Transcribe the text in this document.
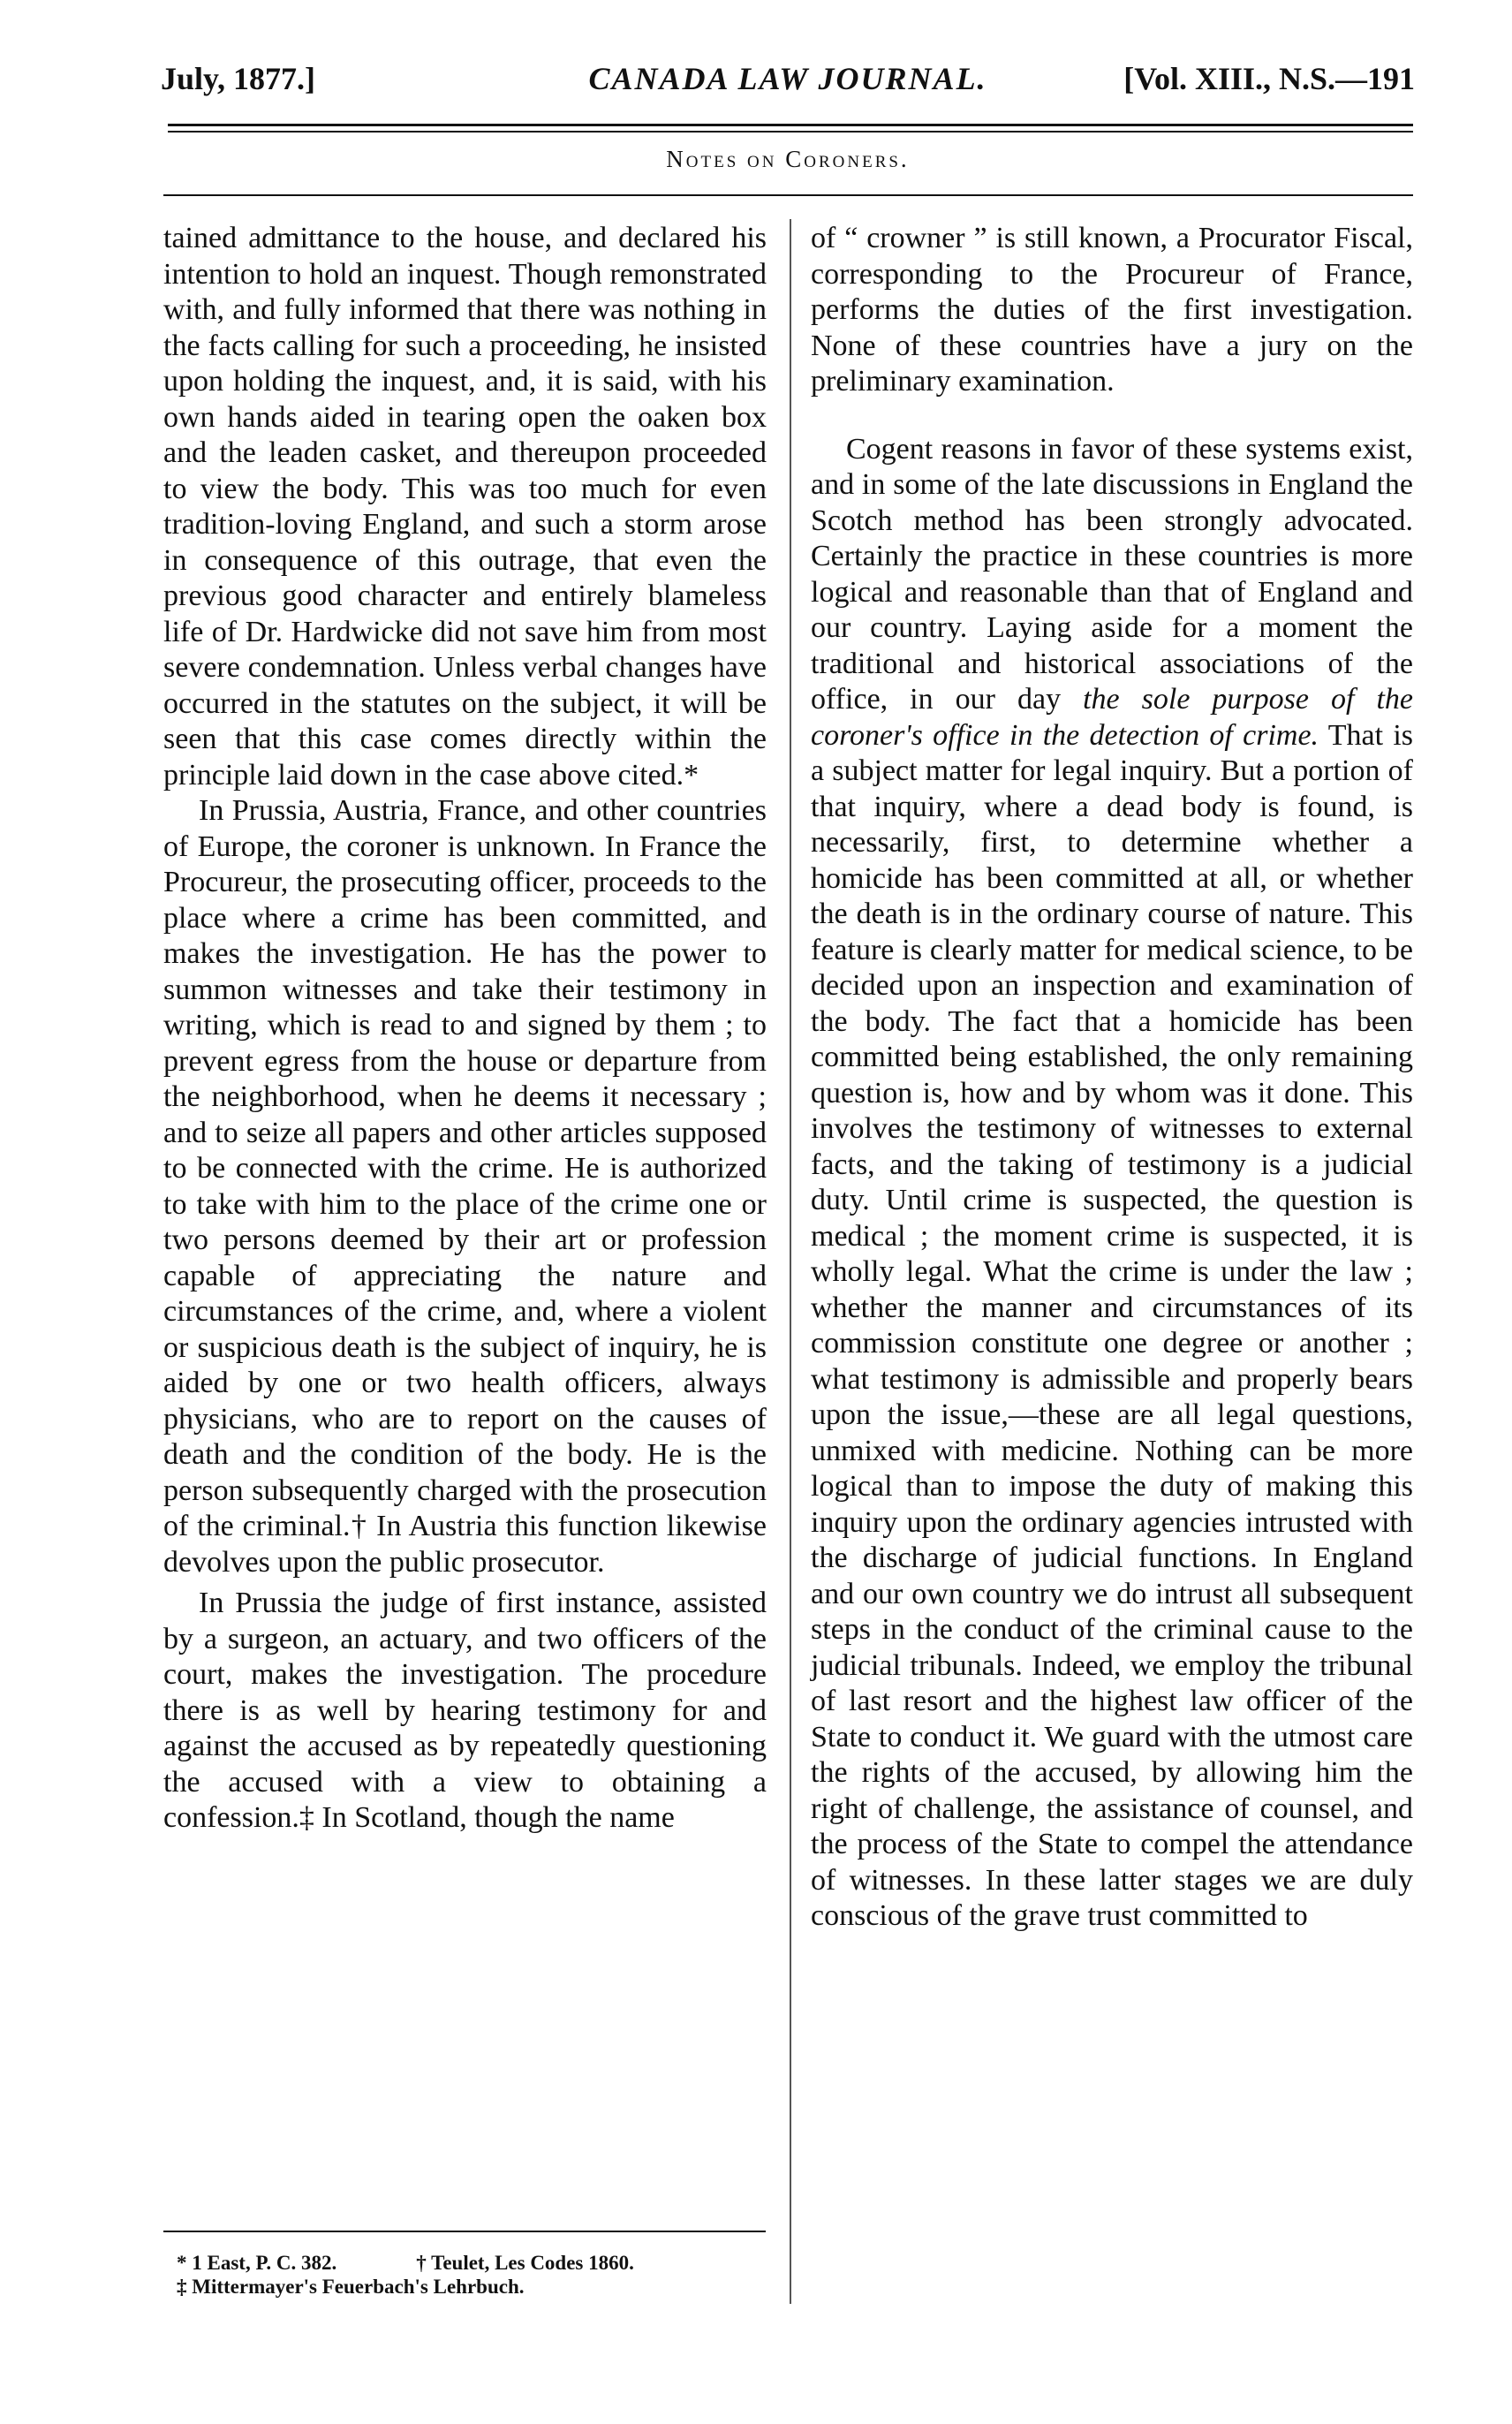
July, 1877.]	CANADA LAW JOURNAL.	[Vol. XIII., N.S.—191
Notes on Coroners.

tained admittance to the house, and declared his intention to hold an inquest. Though remonstrated with, and fully informed that there was nothing in the facts calling for such a proceeding, he insisted upon holding the inquest, and, it is said, with his own hands aided in tearing open the oaken box and the leaden casket, and thereupon proceeded to view the body. This was too much for even tradition-loving England, and such a storm arose in consequence of this outrage, that even the previous good character and entirely blameless life of Dr. Hardwicke did not save him from most severe condemnation. Unless verbal changes have occurred in the statutes on the subject, it will be seen that this case comes directly within the principle laid down in the case above cited.*

In Prussia, Austria, France, and other countries of Europe, the coroner is unknown. In France the Procureur, the prosecuting officer, proceeds to the place where a crime has been committed, and makes the investigation. He has the power to summon witnesses and take their testimony in writing, which is read to and signed by them ; to prevent egress from the house or departure from the neighborhood, when he deems it necessary ; and to seize all papers and other articles supposed to be connected with the crime. He is authorized to take with him to the place of the crime one or two persons deemed by their art or profession capable of appreciating the nature and circumstances of the crime, and, where a violent or suspicious death is the subject of inquiry, he is aided by one or two health officers, always physicians, who are to report on the causes of death and the condition of the body. He is the person subsequently charged with the prosecution of the criminal.† In Austria this function likewise devolves upon the public prosecutor.

In Prussia the judge of first instance, assisted by a surgeon, an actuary, and two officers of the court, makes the investigation. The procedure there is as well by hearing testimony for and against the accused as by repeatedly questioning the accused with a view to obtaining a confession.‡ In Scotland, though the name

of “ crowner ” is still known, a Procurator Fiscal, corresponding to the Procureur of France, performs the duties of the first investigation. None of these countries have a jury on the preliminary examination.

Cogent reasons in favor of these systems exist, and in some of the late discussions in England the Scotch method has been strongly advocated. Certainly the practice in these countries is more logical and reasonable than that of England and our country. Laying aside for a moment the traditional and historical associations of the office, in our day the sole purpose of the coroner's office in the detection of crime. That is a subject matter for legal inquiry. But a portion of that inquiry, where a dead body is found, is necessarily, first, to determine whether a homicide has been committed at all, or whether the death is in the ordinary course of nature. This feature is clearly matter for medical science, to be decided upon an inspection and examination of the body. The fact that a homicide has been committed being established, the only remaining question is, how and by whom was it done. This involves the testimony of witnesses to external facts, and the taking of testimony is a judicial duty. Until crime is suspected, the question is medical ; the moment crime is suspected, it is wholly legal. What the crime is under the law ; whether the manner and circumstances of its commission constitute one degree or another ; what testimony is admissible and properly bears upon the issue,—these are all legal questions, unmixed with medicine. Nothing can be more logical than to impose the duty of making this inquiry upon the ordinary agencies intrusted with the discharge of judicial functions. In England and our own country we do intrust all subsequent steps in the conduct of the criminal cause to the judicial tribunals. Indeed, we employ the tribunal of last resort and the highest law officer of the State to conduct it. We guard with the utmost care the rights of the accused, by allowing him the right of challenge, the assistance of counsel, and the process of the State to compel the attendance of witnesses. In these latter stages we are duly conscious of the grave trust committed to

* 1 East, P. C. 382.	† Teulet, Les Codes 1860.
‡ Mittermayer's Feuerbach's Lehrbuch.
